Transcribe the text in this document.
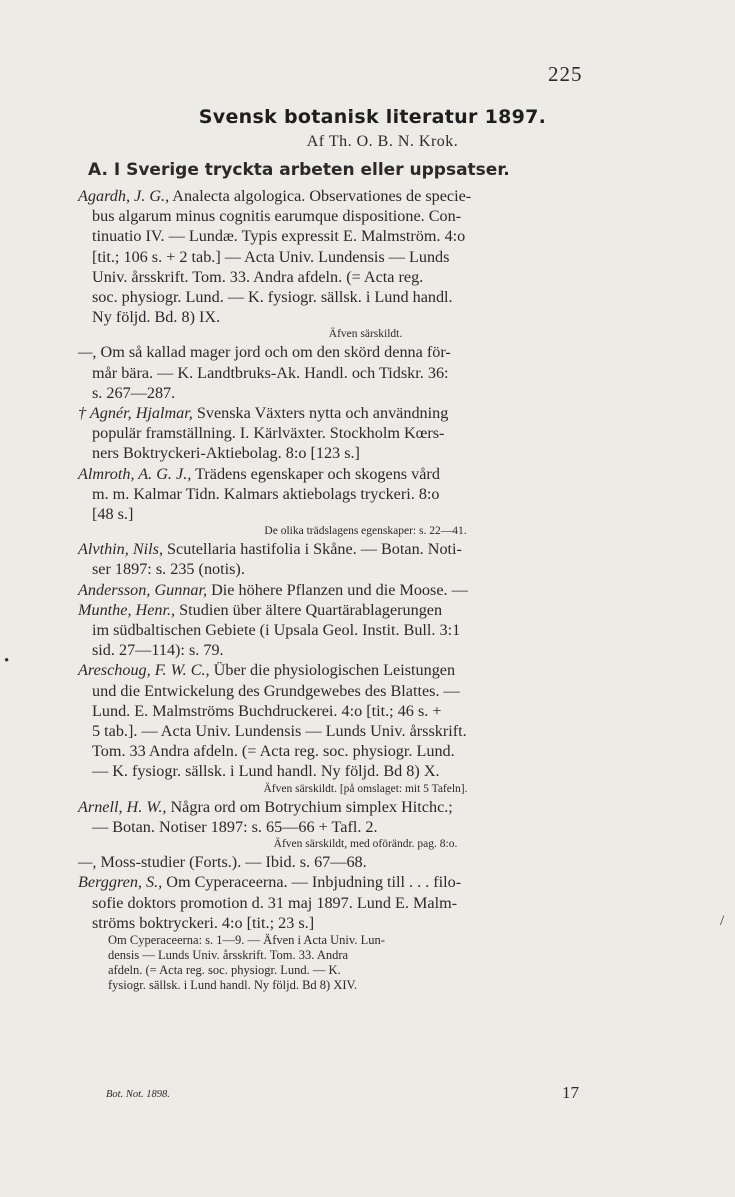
225
Svensk botanisk literatur 1897.
Af Th. O. B. N. Krok.
A. I Sverige tryckta arbeten eller uppsatser.
Agardh, J. G., Analecta algologica. Observationes de specie-
bus algarum minus cognitis earumque dispositione. Con-
tinuatio IV. — Lundæ. Typis expressit E. Malmström. 4:o
[tit.; 106 s. + 2 tab.] — Acta Univ. Lundensis — Lunds
Univ. årsskrift. Tom. 33. Andra afdeln. (= Acta reg.
soc. physiogr. Lund. — K. fysiogr. sällsk. i Lund handl.
Ny följd. Bd. 8) IX.
Äfven särskildt.
—, Om så kallad mager jord och om den skörd denna för-
mår bära. — K. Landtbruks-Ak. Handl. och Tidskr. 36:
s. 267—287.
† Agnér, Hjalmar, Svenska Växters nytta och användning
populär framställning. I. Kärlväxter. Stockholm Kœrs-
ners Boktryckeri-Aktiebolag. 8:o [123 s.]
Almroth, A. G. J., Trädens egenskaper och skogens vård
m. m. Kalmar Tidn. Kalmars aktiebolags tryckeri. 8:o
[48 s.]
De olika trädslagens egenskaper: s. 22—41.
Alvthin, Nils, Scutellaria hastifolia i Skåne. — Botan. Noti-
ser 1897: s. 235 (notis).
Andersson, Gunnar, Die höhere Pflanzen und die Moose. —
Munthe, Henr., Studien über ältere Quartärablagerungen
im südbaltischen Gebiete (i Upsala Geol. Instit. Bull. 3:1
sid. 27—114): s. 79.
Areschoug, F. W. C., Über die physiologischen Leistungen
und die Entwickelung des Grundgewebes des Blattes. —
Lund. E. Malmströms Buchdruckerei. 4:o [tit.; 46 s. +
5 tab.]. — Acta Univ. Lundensis — Lunds Univ. årsskrift.
Tom. 33 Andra afdeln. (= Acta reg. soc. physiogr. Lund.
— K. fysiogr. sällsk. i Lund handl. Ny följd. Bd 8) X.
Äfven särskildt. [på omslaget: mit 5 Tafeln].
Arnell, H. W., Några ord om Botrychium simplex Hitchc.;
— Botan. Notiser 1897: s. 65—66 + Tafl. 2.
Äfven särskildt, med oförändr. pag. 8:o.
—, Moss-studier (Forts.). — Ibid. s. 67—68.
Berggren, S., Om Cyperaceerna. — Inbjudning till . . . filo-
sofie doktors promotion d. 31 maj 1897. Lund E. Malm-
ströms boktryckeri. 4:o [tit.; 23 s.]
Om Cyperaceerna: s. 1—9. — Äfven i Acta Univ. Lun-
densis — Lunds Univ. årsskrift. Tom. 33. Andra
afdeln. (= Acta reg. soc. physiogr. Lund. — K.
fysiogr. sällsk. i Lund handl. Ny följd. Bd 8) XIV.
Bot. Not. 1898.	17
•
/
